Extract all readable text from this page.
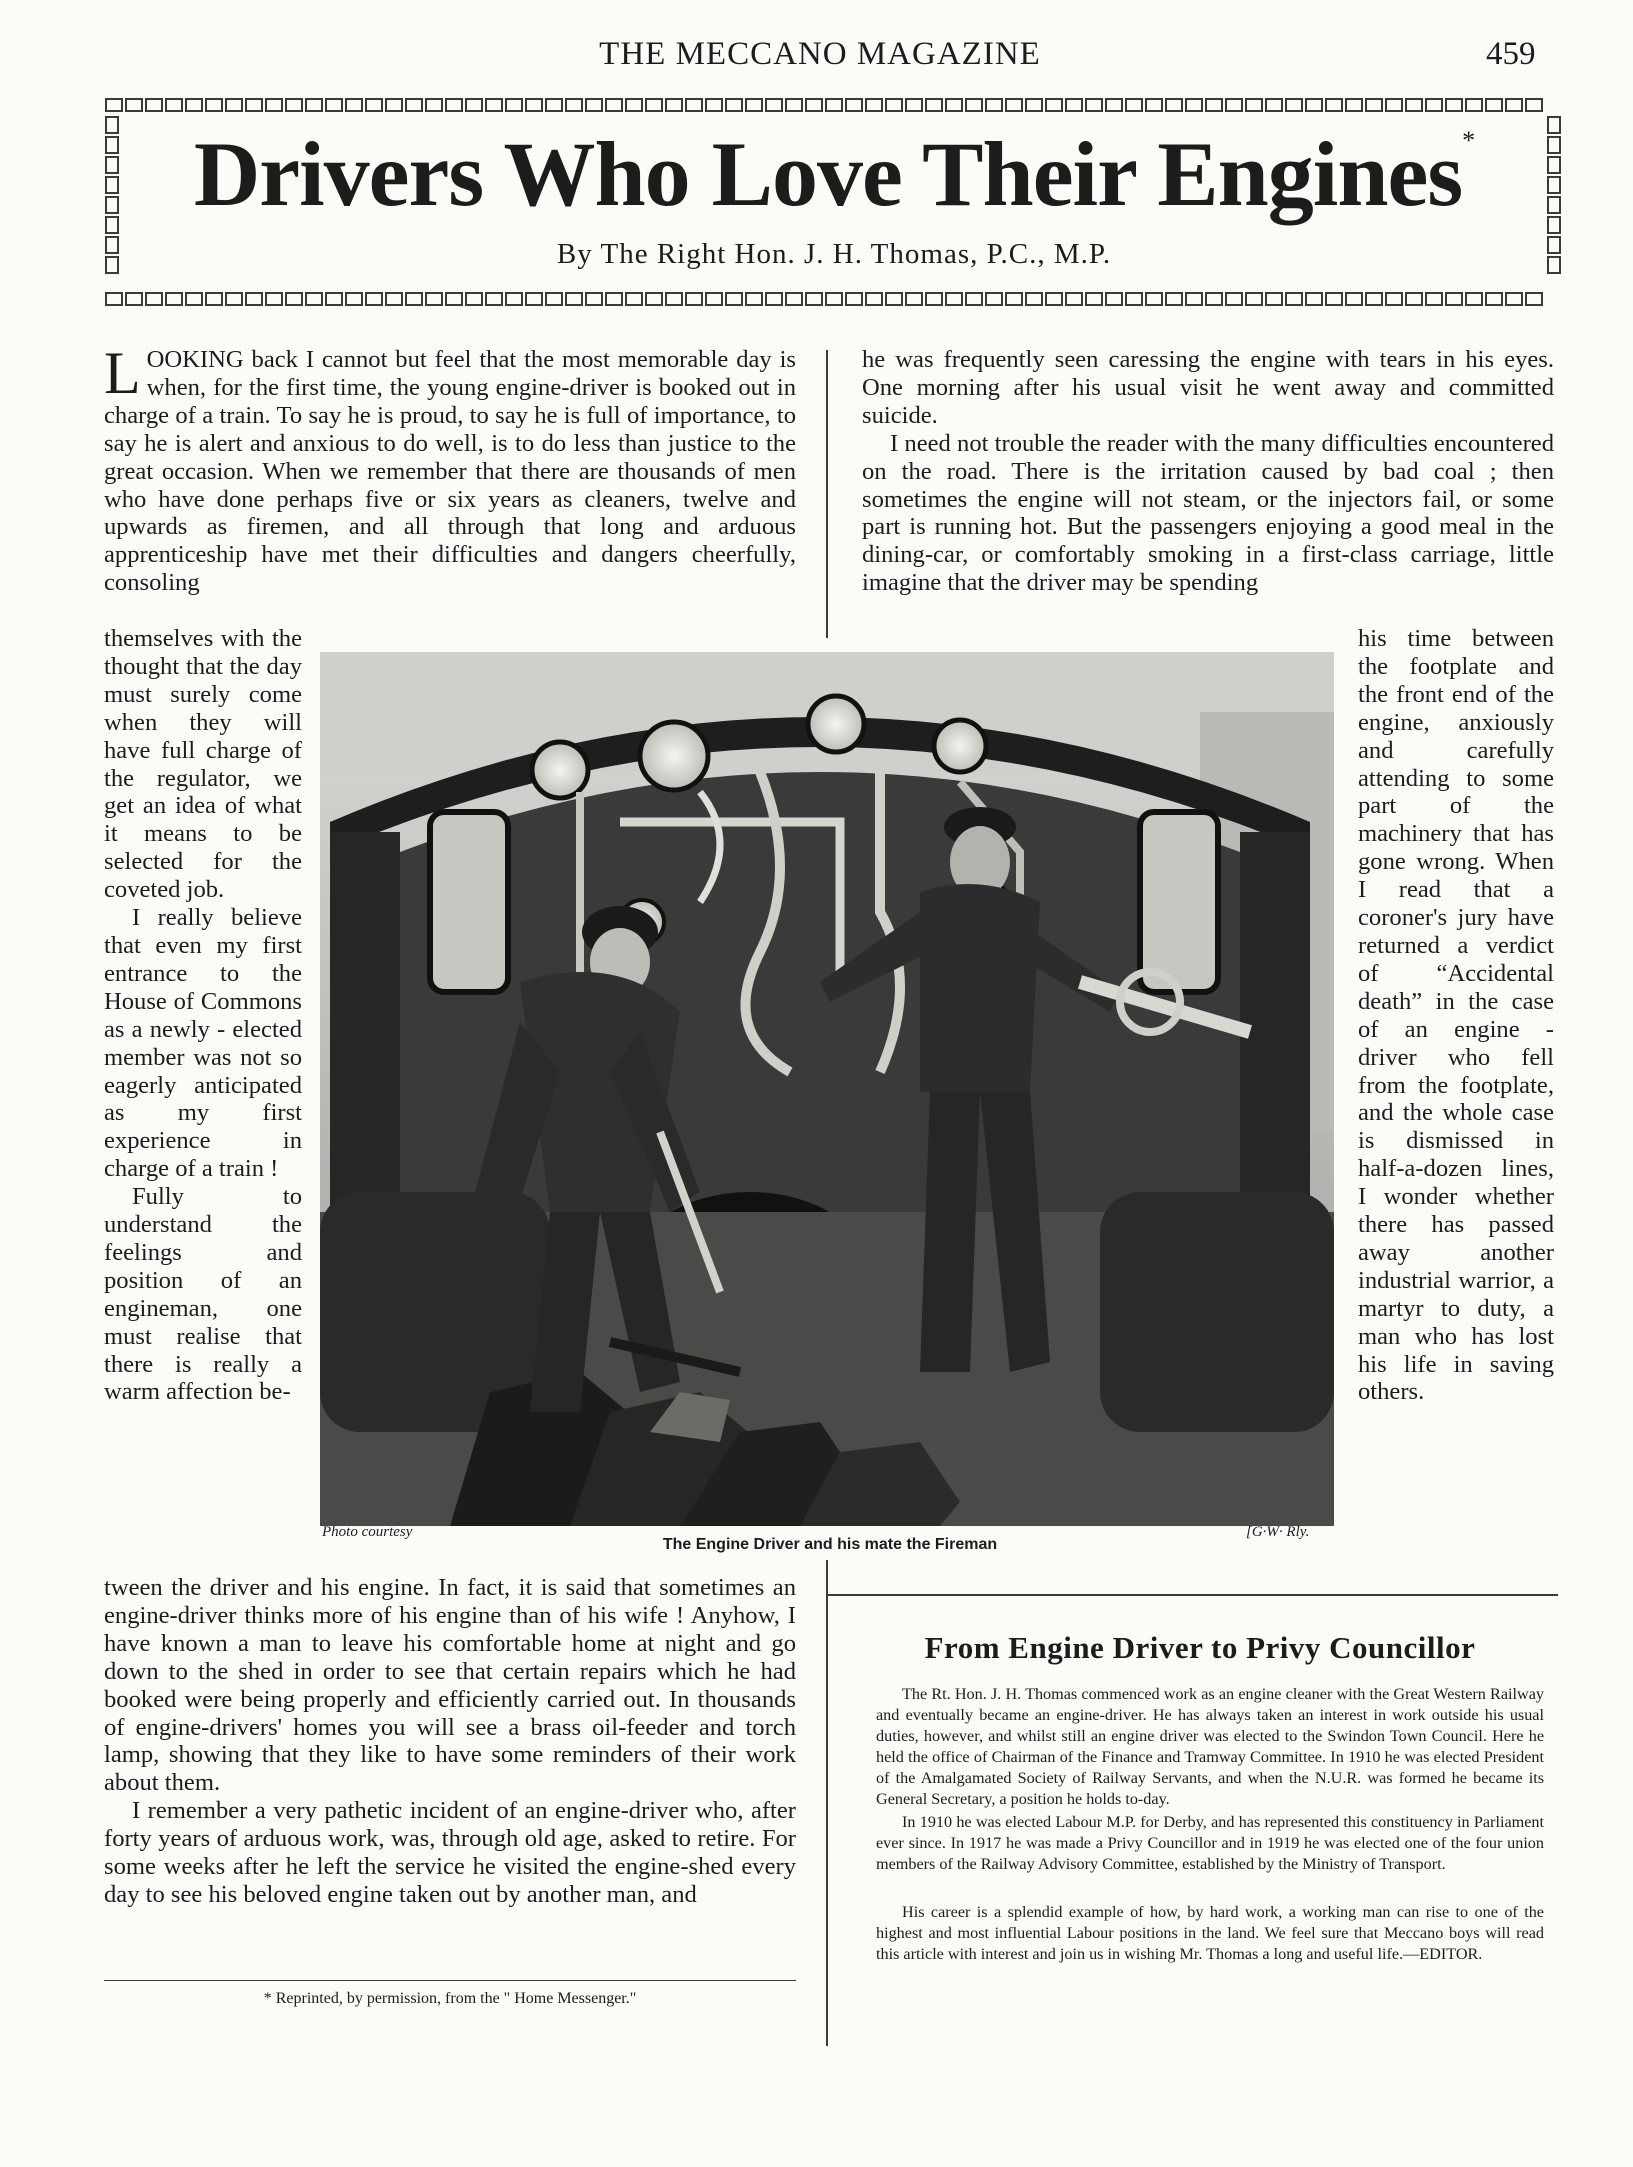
THE MECCANO MAGAZINE	459
Drivers Who Love Their Engines*
By The Right Hon. J. H. Thomas, P.C., M.P.

LOOKING back I cannot but feel that the most memorable day is when, for the first time, the young engine-driver is booked out in charge of a train. To say he is proud, to say he is full of importance, to say he is alert and anxious to do well, is to do less than justice to the great occasion. When we remember that there are thousands of men who have done perhaps five or six years as cleaners, twelve and upwards as firemen, and all through that long and arduous apprenticeship have met their difficulties and dangers cheerfully, consoling

themselves with the thought that the day must surely come when they will have full charge of the regulator, we get an idea of what it means to be selected for the coveted job.
I really believe that even my first entrance to the House of Commons as a newly - elected member was not so eagerly anticipated as my first experience in charge of a train !
Fully to understand the feelings and position of an engineman, one must realise that there is really a warm affection be-
tween the driver and his engine. In fact, it is said that sometimes an engine-driver thinks more of his engine than of his wife ! Anyhow, I have known a man to leave his comfortable home at night and go down to the shed in order to see that certain repairs which he had booked were being properly and efficiently carried out. In thousands of engine-drivers' homes you will see a brass oil-feeder and torch lamp, showing that they like to have some reminders of their work about them.
I remember a very pathetic incident of an engine-driver who, after forty years of arduous work, was, through old age, asked to retire. For some weeks after he left the service he visited the engine-shed every day to see his beloved engine taken out by another man, and
he was frequently seen caressing the engine with tears in his eyes. One morning after his usual visit he went away and committed suicide.
I need not trouble the reader with the many difficulties encountered on the road. There is the irritation caused by bad coal ; then sometimes the engine will not steam, or the injectors fail, or some part is running hot. But the passengers enjoying a good meal in the dining-car, or comfortably smoking in a first-class carriage, little imagine that the driver may be spending
his time between the footplate and the front end of the engine, anxiously and carefully attending to some part of the machinery that has gone wrong. When I read that a coroner's jury have returned a verdict of “Accidental death” in the case of an engine - driver who fell from the footplate, and the whole case is dismissed in half-a-dozen lines, I wonder whether there has passed away another industrial warrior, a martyr to duty, a man who has lost his life in saving others.
Photo courtesy	[G·W· Rly.
The Engine Driver and his mate the Fireman
From Engine Driver to Privy Councillor

The Rt. Hon. J. H. Thomas commenced work as an engine cleaner with the Great Western Railway and eventually became an engine-driver. He has always taken an interest in work outside his usual duties, however, and whilst still an engine driver was elected to the Swindon Town Council. Here he held the office of Chairman of the Finance and Tramway Committee. In 1910 he was elected President of the Amalgamated Society of Railway Servants, and when the N.U.R. was formed he became its General Secretary, a position he holds to-day.

In 1910 he was elected Labour M.P. for Derby, and has represented this constituency in Parliament ever since. In 1917 he was made a Privy Councillor and in 1919 he was elected one of the four union members of the Railway Advisory Committee, established by the Ministry of Transport.

His career is a splendid example of how, by hard work, a working man can rise to one of the highest and most influential Labour positions in the land. We feel sure that Meccano boys will read this article with interest and join us in wishing Mr. Thomas a long and useful life.—EDITOR.

* Reprinted, by permission, from the " Home Messenger."
